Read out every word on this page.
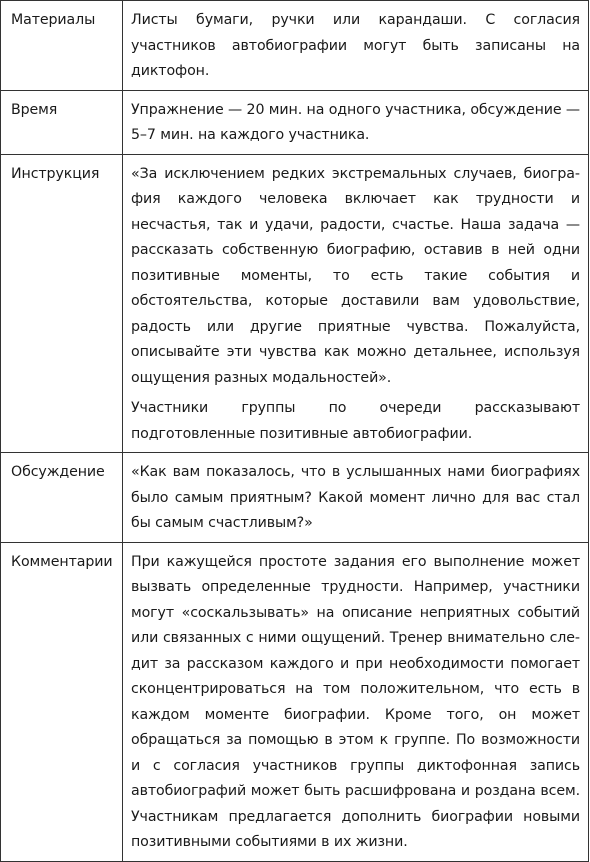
Материалы	Листы бумаги, ручки или карандаши. С согласия участников автобиографии могут быть записаны на диктофон.

Время	Упражнение — 20 мин. на одного участника, обсуждение — 5–7 мин. на каждого участника.

Инструкция	«За исключением редких экстремальных случаев, биография каждого человека включает как трудности и несчастья, так и удачи, радости, счастье. Наша задача — рассказать собственную биографию, оставив в ней одни позитивные моменты, то есть такие события и обстоятельства, которые доставили вам удовольствие, радость или другие приятные чувства. Пожалуйста, описывайте эти чувства как можно детальнее, используя ощущения разных модальностей».

Участники группы по очереди рассказывают подготовленные позитивные автобиографии.

Обсуждение	«Как вам показалось, что в услышанных нами биографиях было самым приятным? Какой момент лично для вас стал бы самым счастливым?»

Комментарии	При кажущейся простоте задания его выполнение может вызвать определенные трудности. Например, участники могут «соскальзывать» на описание неприятных событий или связанных с ними ощущений. Тренер внимательно следит за рассказом каждого и при необходимости помогает сконцентрироваться на том положительном, что есть в каждом моменте биографии. Кроме того, он может обращаться за помощью в этом к группе. По возможности и с согласия участников группы диктофонная запись автобиографий может быть расшифрована и роздана всем. Участникам предлагается дополнить биографии новыми позитивными событиями в их жизни.
